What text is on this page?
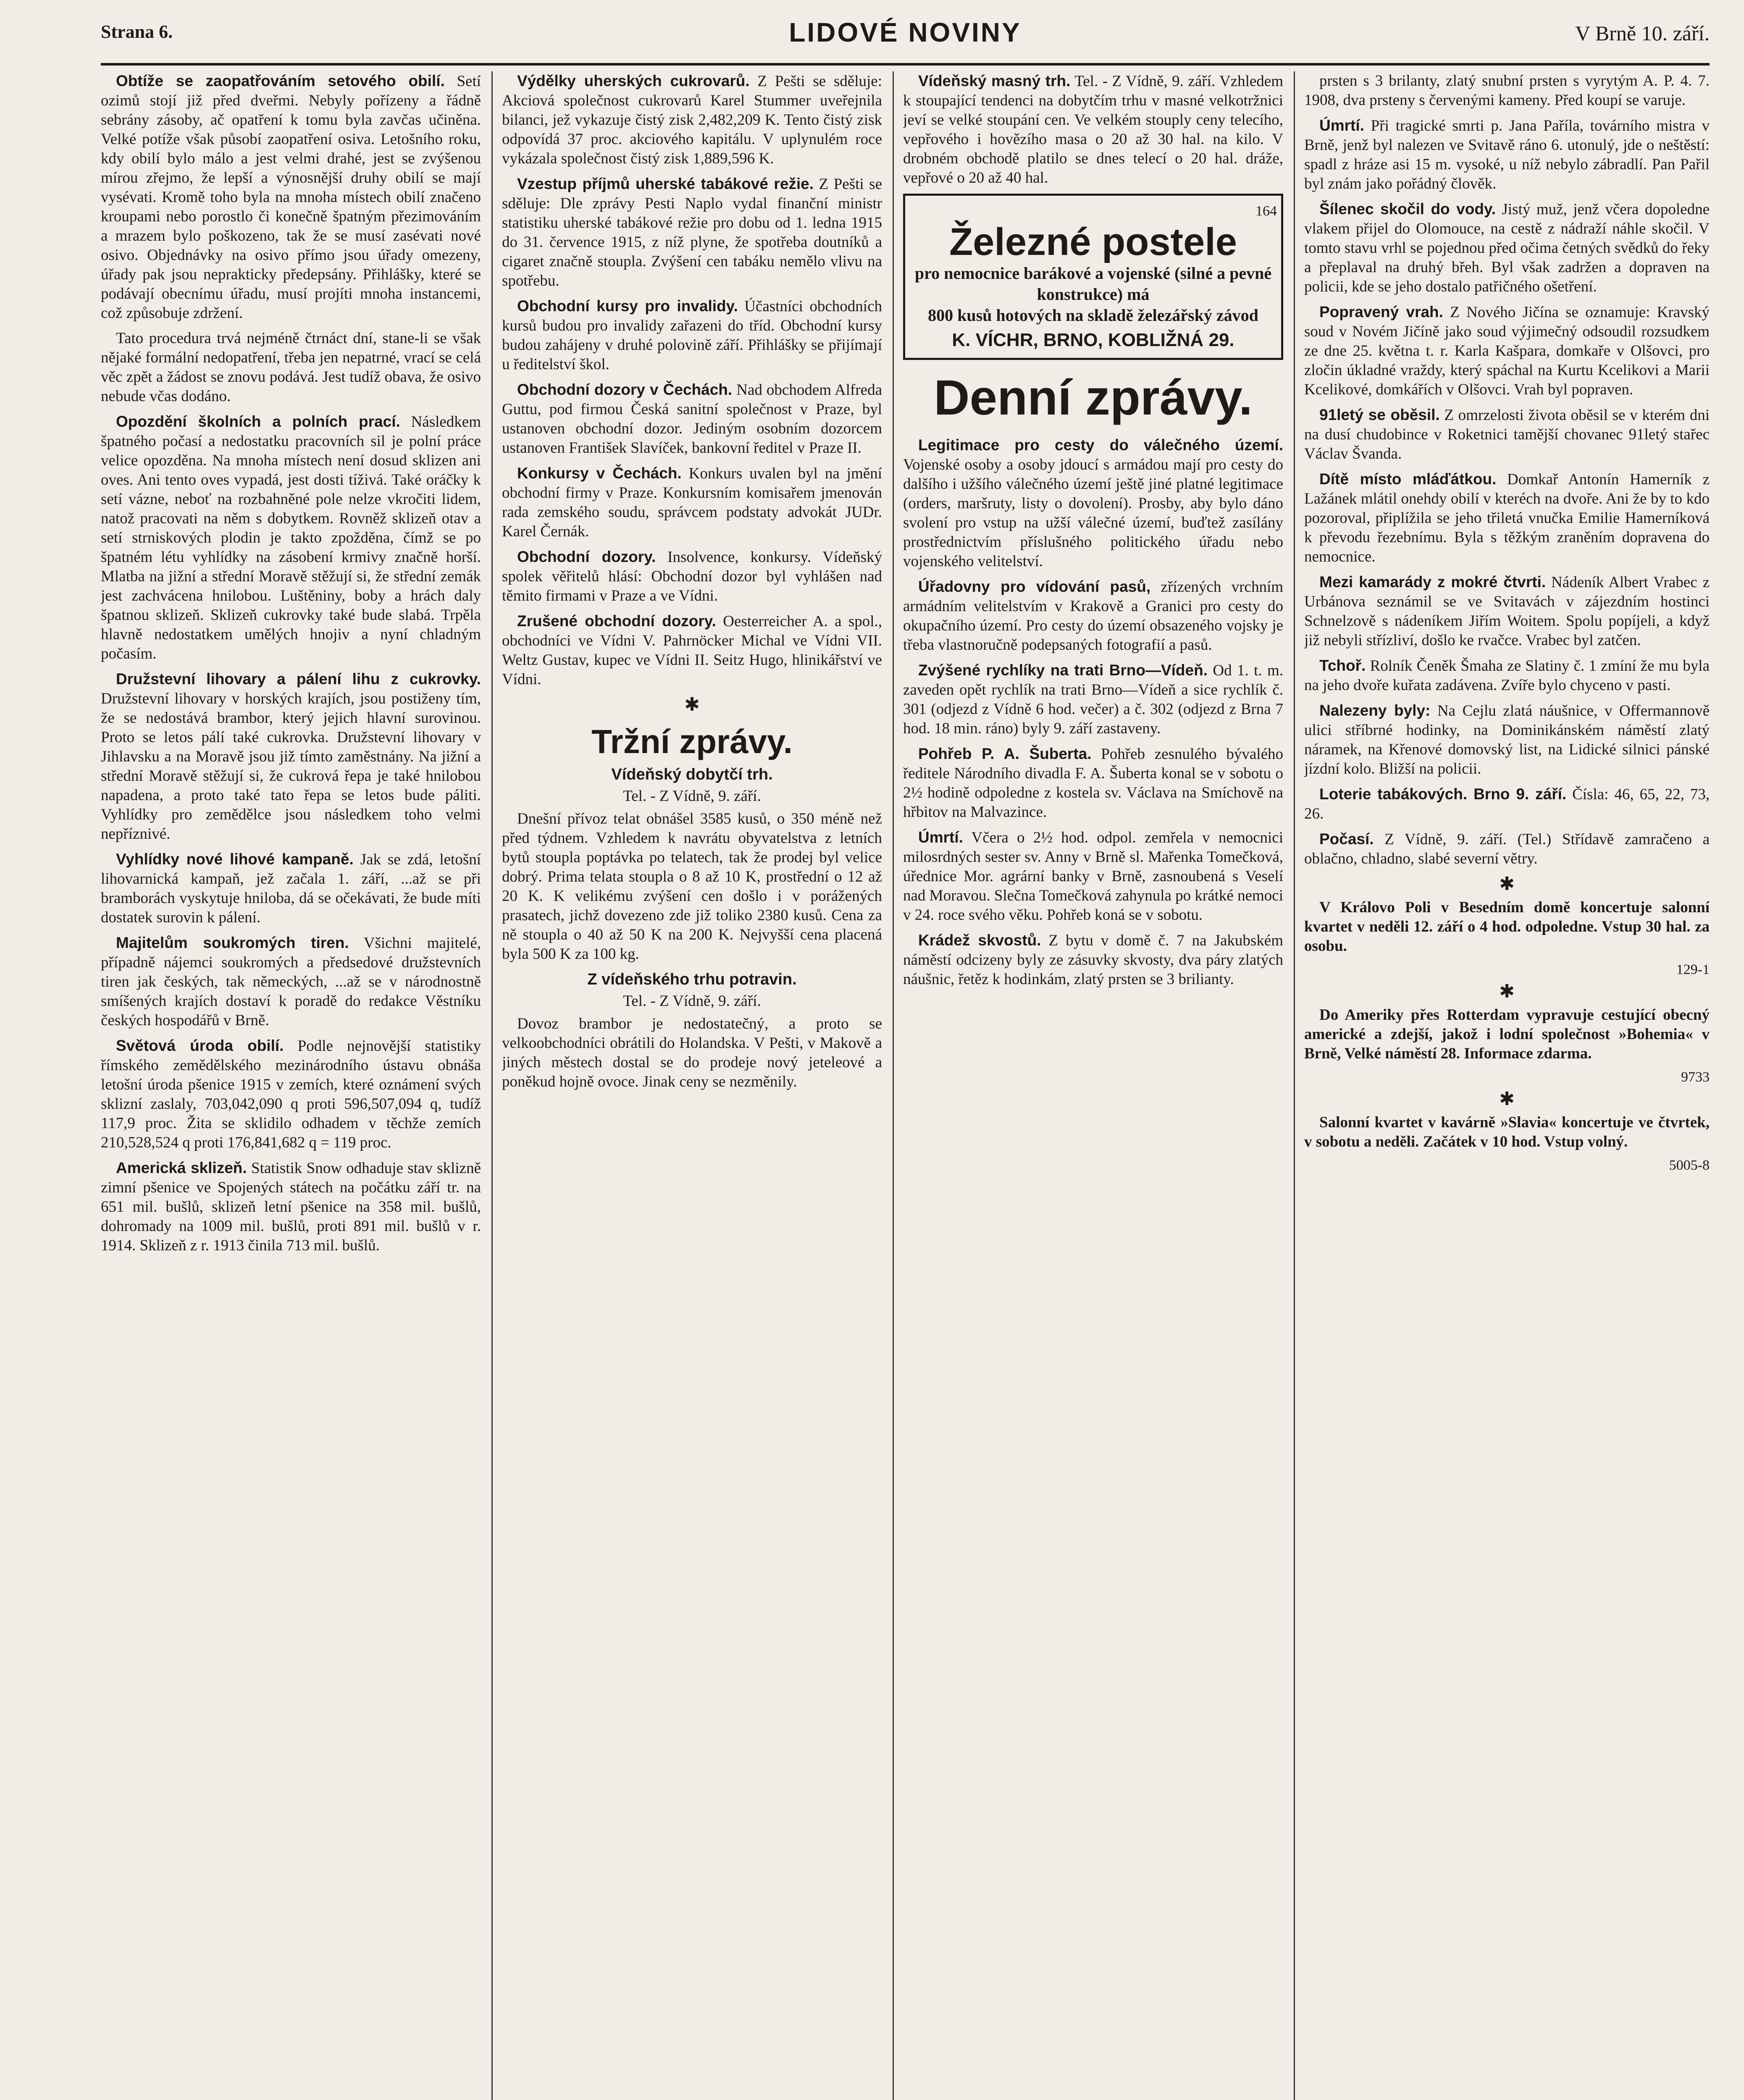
Strana 6.	LIDOVÉ NOVINY	V Brně 10. září.

Obtíže se zaopatřováním setového obilí. Setí ozimů stojí již před dveřmi. Nebyly pořízeny a řádně sebrány zásoby, ač opatření k tomu byla zavčas učiněna. Velké potíže však působí zaopatření osiva. Letošního roku, kdy obilí bylo málo a jest velmi drahé, jest se zvýšenou mírou zřejmo, že lepší a výnosnější druhy obilí se mají vysévati. Kromě toho byla na mnoha místech obilí značeno kroupami nebo porostlo či konečně špatným přezimováním a mrazem bylo poškozeno, tak že se musí zasévati nové osivo. Objednávky na osivo přímo jsou úřady omezeny, úřady pak jsou neprakticky předepsány. Přihlášky, které se podávají obecnímu úřadu, musí projíti mnoha instancemi, což způsobuje zdržení.

Tato procedura trvá nejméně čtrnáct dní, stane-li se však nějaké formální nedopatření, třeba jen nepatrné, vrací se celá věc zpět a žádost se znovu podává. Jest tudíž obava, že osivo nebude včas dodáno.

Opozdění školních a polních prací. Následkem špatného počasí a nedostatku pracovních sil je polní práce velice opozděna. Na mnoha místech není dosud sklizen ani oves. Ani tento oves vypadá, jest dosti tíživá. Také oráčky k setí vázne, neboť na rozbahněné pole nelze vkročiti lidem, natož pracovati na něm s dobytkem. Rovněž sklizeň otav a setí strniskových plodin je takto zpožděna, čímž se po špatném létu vyhlídky na zásobení krmivy značně horší. Mlatba na jižní a střední Moravě stěžují si, že střední zemák jest zachvácena hnilobou. Luštěniny, boby a hrách daly špatnou sklizeň. Sklizeň cukrovky také bude slabá. Trpěla hlavně nedostatkem umělých hnojiv a nyní chladným počasím.

Družstevní lihovary a pálení lihu z cukrovky. Družstevní lihovary v horských krajích, jsou postiženy tím, že se nedostává brambor, který jejich hlavní surovinou. Proto se letos pálí také cukrovka. Družstevní lihovary v Jihlavsku a na Moravě jsou již tímto zaměstnány. Na jižní a střední Moravě stěžují si, že cukrová řepa je také hnilobou napadena, a proto také tato řepa se letos bude páliti. Vyhlídky pro zemědělce jsou následkem toho velmi nepříznivé.

Vyhlídky nové lihové kampaně. Jak se zdá, letošní lihovarnická kampaň, jež začala 1. září, ...až se při bramborách vyskytuje hniloba, dá se očekávati, že bude míti dostatek surovin k pálení.

Majitelům soukromých tiren. Všichni majitelé, případně nájemci soukromých a předsedové družstevních tiren jak českých, tak německých, ...až se v národnostně smíšených krajích dostaví k poradě do redakce Věstníku českých hospodářů v Brně.

Světová úroda obilí. Podle nejnovější statistiky římského zemědělského mezinárodního ústavu obnáša letošní úroda pšenice 1915 v zemích, které oznámení svých sklizní zaslaly, 703,042,090 q proti 596,507,094 q, tudíž 117,9 proc. Žita se sklidilo odhadem v těchže zemích 210,528,524 q proti 176,841,682 q = 119 proc.

Americká sklizeň. Statistik Snow odhaduje stav sklizně zimní pšenice ve Spojených státech na počátku září tr. na 651 mil. bušlů, sklizeň letní pšenice na 358 mil. bušlů, dohromady na 1009 mil. bušlů, proti 891 mil. bušlů v r. 1914. Sklizeň z r. 1913 činila 713 mil. bušlů.

Výdělky uherských cukrovarů. Z Pešti se sděluje: Akciová společnost cukrovarů Karel Stummer uveřejnila bilanci, jež vykazuje čistý zisk 2,482,209 K. Tento čistý zisk odpovídá 37 proc. akciového kapitálu. V uplynulém roce vykázala společnost čistý zisk 1,889,596 K.

Vzestup příjmů uherské tabákové režie. Z Pešti se sděluje: Dle zprávy Pesti Naplo vydal finanční ministr statistiku uherské tabákové režie pro dobu od 1. ledna 1915 do 31. července 1915, z níž plyne, že spotřeba doutníků a cigaret značně stoupla. Zvýšení cen tabáku nemělo vlivu na spotřebu.

Obchodní kursy pro invalidy. Účastníci obchodních kursů budou pro invalidy zařazeni do tříd. Obchodní kursy budou zahájeny v druhé polovině září. Přihlášky se přijímají u ředitelství škol.

Obchodní dozory v Čechách. Nad obchodem Alfreda Guttu, pod firmou Česká sanitní společnost v Praze, byl ustanoven obchodní dozor. Jediným osobním dozorcem ustanoven František Slavíček, bankovní ředitel v Praze II.

Konkursy v Čechách. Konkurs uvalen byl na jmění obchodní firmy v Praze. Konkursním komisařem jmenován rada zemského soudu, správcem podstaty advokát JUDr. Karel Černák.

Obchodní dozory. Insolvence, konkursy. Vídeňský spolek věřitelů hlásí: Obchodní dozor byl vyhlášen nad těmito firmami v Praze a ve Vídni.

Zrušené obchodní dozory. Oesterreicher A. a spol., obchodníci ve Vídni V. Pahrnöcker Michal ve Vídni VII. Weltz Gustav, kupec ve Vídni II. Seitz Hugo, hlinikářství ve Vídni.

✱
Tržní zprávy.
Vídeňský dobytčí trh.
Tel. - Z Vídně, 9. září.

Dnešní přívoz telat obnášel 3585 kusů, o 350 méně než před týdnem. Vzhledem k navrátu obyvatelstva z letních bytů stoupla poptávka po telatech, tak že prodej byl velice dobrý. Prima telata stoupla o 8 až 10 K, prostřední o 12 až 20 K. K velikému zvýšení cen došlo i v porážených prasatech, jichž dovezeno zde již toliko 2380 kusů. Cena za ně stoupla o 40 až 50 K na 200 K. Nejvyšší cena placená byla 500 K za 100 kg.

Z vídeňského trhu potravin.
Tel. - Z Vídně, 9. září.

Dovoz brambor je nedostatečný, a proto se velkoobchodníci obrátili do Holandska. V Pešti, v Makově a jiných městech dostal se do prodeje nový jeteleové a poněkud hojně ovoce. Jinak ceny se nezměnily.

Vídeňský masný trh. Tel. - Z Vídně, 9. září. Vzhledem k stoupající tendenci na dobytčím trhu v masné velkotržnici jeví se velké stoupání cen. Ve velkém stouply ceny telecího, vepřového i hovězího masa o 20 až 30 hal. na kilo. V drobném obchodě platilo se dnes telecí o 20 hal. dráže, vepřové o 20 až 40 hal.

164
Železné postele
pro nemocnice barákové a vojenské (silné a pevné konstrukce) má
800 kusů hotových na skladě železářský závod
K. VÍCHR, BRNO, KOBLIŽNÁ 29.
Denní zprávy.

Legitimace pro cesty do válečného území. Vojenské osoby a osoby jdoucí s armádou mají pro cesty do dalšího i užšího válečného území ještě jiné platné legitimace (orders, maršruty, listy o dovolení). Prosby, aby bylo dáno svolení pro vstup na užší válečné území, buďtež zasílány prostřednictvím příslušného politického úřadu nebo vojenského velitelství.

Úřadovny pro vídování pasů, zřízených vrchním armádním velitelstvím v Krakově a Granici pro cesty do okupačního území. Pro cesty do území obsazeného vojsky je třeba vlastnoručně podepsaných fotografií a pasů.

Zvýšené rychlíky na trati Brno—Vídeň. Od 1. t. m. zaveden opět rychlík na trati Brno—Vídeň a sice rychlík č. 301 (odjezd z Vídně 6 hod. večer) a č. 302 (odjezd z Brna 7 hod. 18 min. ráno) byly 9. září zastaveny.

Pohřeb P. A. Šuberta. Pohřeb zesnulého bývalého ředitele Národního divadla F. A. Šuberta konal se v sobotu o 2½ hodině odpoledne z kostela sv. Václava na Smíchově na hřbitov na Malvazince.

Úmrtí. Včera o 2½ hod. odpol. zemřela v nemocnici milosrdných sester sv. Anny v Brně sl. Mařenka Tomečková, úřednice Mor. agrární banky v Brně, zasnoubená s Veselí nad Moravou. Slečna Tomečková zahynula po krátké nemoci v 24. roce svého věku. Pohřeb koná se v sobotu.

Krádež skvostů. Z bytu v domě č. 7 na Jakubském náměstí odcizeny byly ze zásuvky skvosty, dva páry zlatých náušnic, řetěz k hodinkám, zlatý prsten se 3 brilianty.

prsten s 3 brilanty, zlatý snubní prsten s vyrytým A. P. 4. 7. 1908, dva prsteny s červenými kameny. Před koupí se varuje.

Úmrtí. Při tragické smrti p. Jana Paříla, továrního mistra v Brně, jenž byl nalezen ve Svitavě ráno 6. utonulý, jde o neštěstí: spadl z hráze asi 15 m. vysoké, u níž nebylo zábradlí. Pan Pařil byl znám jako pořádný člověk.

Šílenec skočil do vody. Jistý muž, jenž včera dopoledne vlakem přijel do Olomouce, na cestě z nádraží náhle skočil. V tomto stavu vrhl se pojednou před očima četných svědků do řeky a přeplaval na druhý břeh. Byl však zadržen a dopraven na policii, kde se jeho dostalo patřičného ošetření.

Popravený vrah. Z Nového Jičína se oznamuje: Kravský soud v Novém Jičíně jako soud výjimečný odsoudil rozsudkem ze dne 25. května t. r. Karla Kašpara, domkaře v Olšovci, pro zločin úkladné vraždy, který spáchal na Kurtu Kcelikovi a Marii Kcelikové, domkářích v Olšovci. Vrah byl popraven.

91letý se oběsil. Z omrzelosti života oběsil se v kterém dni na dusí chudobince v Roketnici tamější chovanec 91letý stařec Václav Švanda.

Dítě místo mláďátkou. Domkař Antonín Hamerník z Lažánek mlátil onehdy obilí v kteréch na dvoře. Ani že by to kdo pozoroval, připlížila se jeho třiletá vnučka Emilie Hamerníková k převodu řezebnímu. Byla s těžkým zraněním dopravena do nemocnice.

Mezi kamarády z mokré čtvrti. Nádeník Albert Vrabec z Urbánova seznámil se ve Svitavách v zájezdním hostinci Schnelzově s nádeníkem Jiřím Woitem. Spolu popíjeli, a když již nebyli střízliví, došlo ke rvačce. Vrabec byl zatčen.

Tchoř. Rolník Čeněk Šmaha ze Slatiny č. 1 zmíní že mu byla na jeho dvoře kuřata zadávena. Zvíře bylo chyceno v pasti.

Nalezeny byly: Na Cejlu zlatá náušnice, v Offermannově ulici stříbrné hodinky, na Dominikánském náměstí zlatý náramek, na Křenové domovský list, na Lidické silnici pánské jízdní kolo. Bližší na policii.

Loterie tabákových. Brno 9. září. Čísla: 46, 65, 22, 73, 26.

Počasí. Z Vídně, 9. září. (Tel.) Střídavě zamračeno a oblačno, chladno, slabé severní větry.

✱

V Královo Poli v Besedním domě koncertuje salonní kvartet v neděli 12. září o 4 hod. odpoledne. Vstup 30 hal. za osobu.

129-1
✱

Do Ameriky přes Rotterdam vypravuje cestující obecný americké a zdejší, jakož i lodní společnost »Bohemia« v Brně, Velké náměstí 28. Informace zdarma.

9733
✱

Salonní kvartet v kavárně »Slavia« koncertuje ve čtvrtek, v sobotu a neděli. Začátek v 10 hod. Vstup volný.

5005-8
